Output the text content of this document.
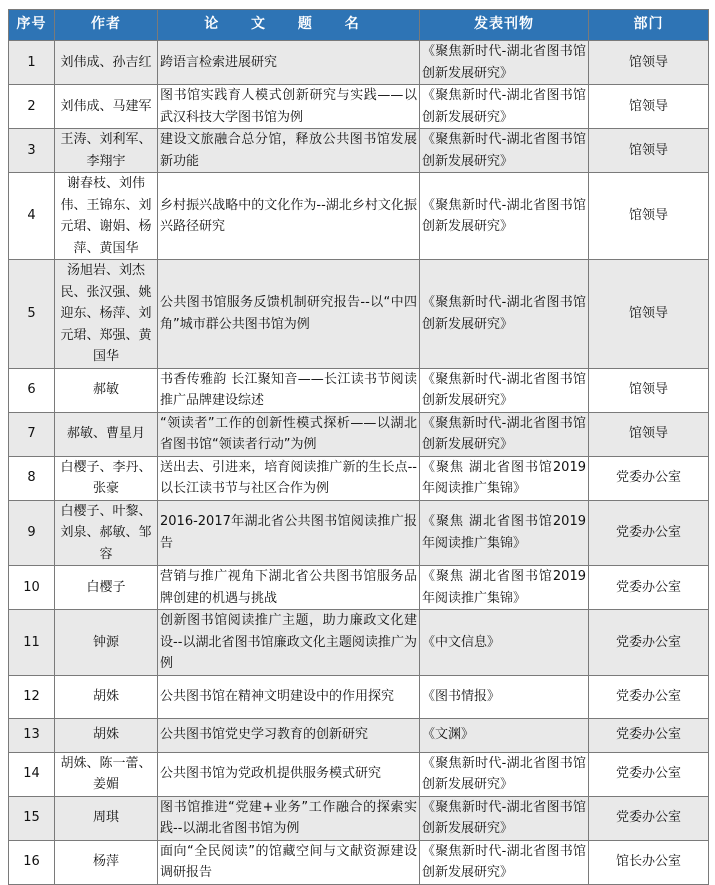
序号	作者	论 文 题 名	发表刊物	部门
1	刘伟成、孙吉红	跨语言检索进展研究	《聚焦新时代-湖北省图书馆创新发展研究》	馆领导
2	刘伟成、马建军	图书馆实践育人模式创新研究与实践——以武汉科技大学图书馆为例	《聚焦新时代-湖北省图书馆创新发展研究》	馆领导
3	王涛、刘利军、李翔宇	建设文旅融合总分馆，释放公共图书馆发展新功能	《聚焦新时代-湖北省图书馆创新发展研究》	馆领导
4	谢春枝、刘伟伟、王锦东、刘元珺、谢娟、杨萍、黄国华	乡村振兴战略中的文化作为--湖北乡村文化振兴路径研究	《聚焦新时代-湖北省图书馆创新发展研究》	馆领导
5	汤旭岩、刘杰民、张汉强、姚迎东、杨萍、刘元珺、郑强、黄国华	公共图书馆服务反馈机制研究报告--以“中四角”城市群公共图书馆为例	《聚焦新时代-湖北省图书馆创新发展研究》	馆领导
6	郝敏	书香传雅韵 长江聚知音——长江读书节阅读推广品牌建设综述	《聚焦新时代-湖北省图书馆创新发展研究》	馆领导
7	郝敏、曹星月	“领读者”工作的创新性模式探析——以湖北省图书馆“领读者行动”为例	《聚焦新时代-湖北省图书馆创新发展研究》	馆领导
8	白樱子、李丹、张豪	送出去、引进来，培育阅读推广新的生长点--以长江读书节与社区合作为例	《聚焦 湖北省图书馆2019年阅读推广集锦》	党委办公室
9	白樱子、叶黎、刘泉、郝敏、邹容	2016-2017年湖北省公共图书馆阅读推广报告	《聚焦 湖北省图书馆2019年阅读推广集锦》	党委办公室
10	白樱子	营销与推广视角下湖北省公共图书馆服务品牌创建的机遇与挑战	《聚焦 湖北省图书馆2019年阅读推广集锦》	党委办公室
11	钟源	创新图书馆阅读推广主题，助力廉政文化建设--以湖北省图书馆廉政文化主题阅读推广为例	《中文信息》	党委办公室
12	胡姝	公共图书馆在精神文明建设中的作用探究	《图书情报》	党委办公室
13	胡姝	公共图书馆党史学习教育的创新研究	《文渊》	党委办公室
14	胡姝、陈一蕾、姜媚	公共图书馆为党政机提供服务模式研究	《聚焦新时代-湖北省图书馆创新发展研究》	党委办公室
15	周琪	图书馆推进“党建+业务”工作融合的探索实践--以湖北省图书馆为例	《聚焦新时代-湖北省图书馆创新发展研究》	党委办公室
16	杨萍	面向“全民阅读”的馆藏空间与文献资源建设调研报告	《聚焦新时代-湖北省图书馆创新发展研究》	馆长办公室
